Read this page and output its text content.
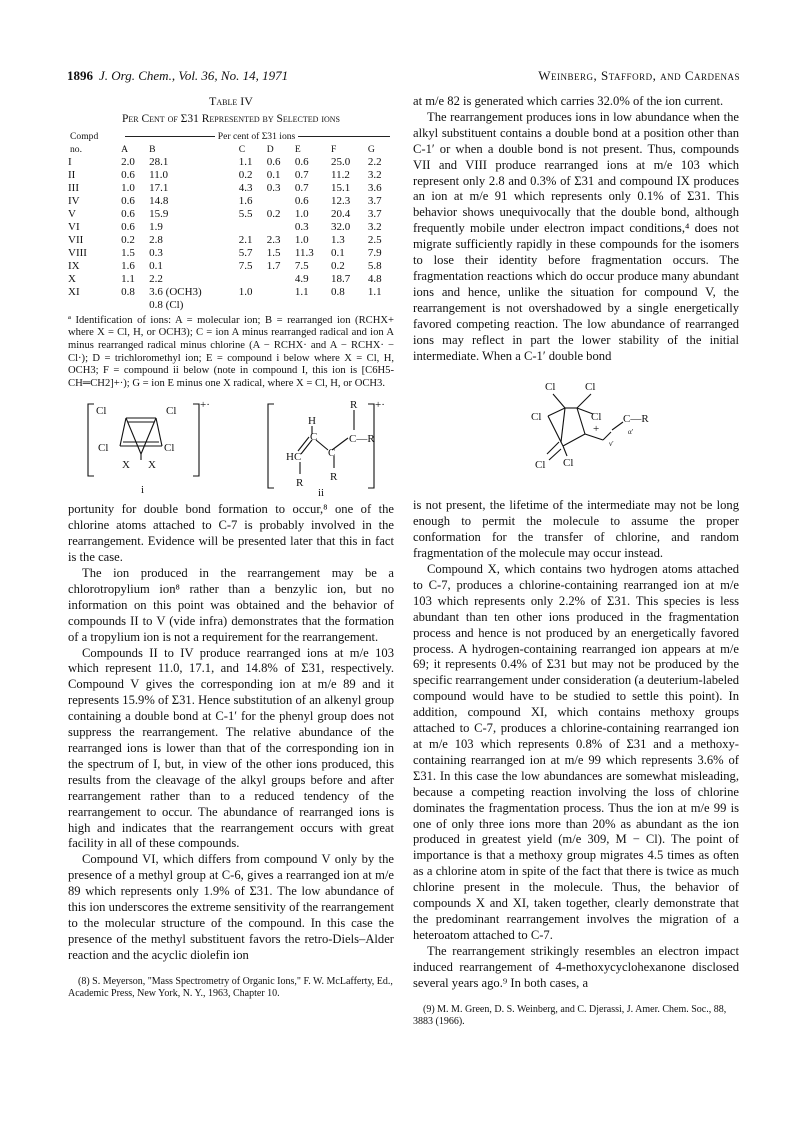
1896 J. Org. Chem., Vol. 36, No. 14, 1971	Weinberg, Stafford, and Cardenas
Table IV
Per Cent of Σ31 Represented by Selected ions
Compd	Per cent of Σ31 ions						
no.	A	B	C	D	E	F	G
I	2.0	28.1	1.1	0.6	0.6	25.0	2.2
II	0.6	11.0	0.2	0.1	0.7	11.2	3.2
III	1.0	17.1	4.3	0.3	0.7	15.1	3.6
IV	0.6	14.8	1.6		0.6	12.3	3.7
V	0.6	15.9	5.5	0.2	1.0	20.4	3.7
VI	0.6	1.9			0.3	32.0	3.2
VII	0.2	2.8	2.1	2.3	1.0	1.3	2.5
VIII	1.5	0.3	5.7	1.5	11.3	0.1	7.9
IX	1.6	0.1	7.5	1.7	7.5	0.2	5.8
X	1.1	2.2			4.9	18.7	4.8
XI	0.8	3.6 (OCH3)	1.0		1.1	0.8	1.1
		0.8 (Cl)					
ª Identification of ions: A = molecular ion; B = rearranged ion (RCHX+ where X = Cl, H, or OCH3); C = ion A minus rearranged radical and ion A minus rearranged radical minus chlorine (A − RCHX· and A − RCHX· − Cl·); D = trichloromethyl ion; E = compound i below where X = Cl, H, OCH3; F = compound ii below (note in compound I, this ion is [C6H5-CH═CH2]+·); G = ion E minus one X radical, where X = Cl, H, or OCH3.
Cl	Cl
Cl	Cl
X X
+·
i
R
C—R
H
C
HC C
R R
+·
ii

portunity for double bond formation to occur,⁸ one of the chlorine atoms attached to C-7 is probably involved in the rearrangement. Evidence will be presented later that this in fact is the case.

The ion produced in the rearrangement may be a chlorotropylium ion⁸ rather than a benzylic ion, but no information on this point was obtained and the behavior of compounds II to V (vide infra) demonstrates that the formation of a tropylium ion is not a requirement for the rearrangement.

Compounds II to IV produce rearranged ions at m/e 103 which represent 11.0, 17.1, and 14.8% of Σ31, respectively. Compound V gives the corresponding ion at m/e 89 and it represents 15.9% of Σ31. Hence substitution of an alkenyl group containing a double bond at C-1′ for the phenyl group does not suppress the rearrangement. The relative abundance of the rearranged ions is lower than that of the corresponding ion in the spectrum of I, but, in view of the other ions produced, this results from the cleavage of the alkyl groups before and after rearrangement rather than to a reduced tendency of the rearrangement to occur. The abundance of rearranged ions is high and indicates that the rearrangement occurs with great facility in all of these compounds.

Compound VI, which differs from compound V only by the presence of a methyl group at C-6, gives a rearranged ion at m/e 89 which represents only 1.9% of Σ31. The low abundance of this ion underscores the extreme sensitivity of the rearrangement to the molecular structure of the compound. In this case the presence of the methyl substituent favors the retro-Diels–Alder reaction and the acyclic diolefin ion

(8) S. Meyerson, "Mass Spectrometry of Organic Ions," F. W. McLafferty, Ed., Academic Press, New York, N. Y., 1963, Chapter 10.

at m/e 82 is generated which carries 32.0% of the ion current.

The rearrangement produces ions in low abundance when the alkyl substituent contains a double bond at a position other than C-1′ or when a double bond is not present. Thus, compounds VII and VIII produce rearranged ions at m/e 103 which represent only 2.8 and 0.3% of Σ31 and compound IX produces an ion at m/e 91 which represents only 0.1% of Σ31. This behavior shows unequivocally that the double bond, although frequently mobile under electron impact conditions,⁴ does not migrate sufficiently rapidly in these compounds for the isomers to lose their identity before fragmentation occurs. The fragmentation reactions which do occur produce many abundant ions and hence, unlike the situation for compound V, the rearrangement is not overshadowed by a single energetically favored competing reaction. The low abundance of rearranged ions may reflect in part the lower stability of the initial intermediate. When a C-1′ double bond

Cl	Cl
Cl	Cl
Cl Cl
+
C—R
ν′
α′

is not present, the lifetime of the intermediate may not be long enough to permit the molecule to assume the proper conformation for the transfer of chlorine, and random fragmentation of the molecule may occur instead.

Compound X, which contains two hydrogen atoms attached to C-7, produces a chlorine-containing rearranged ion at m/e 103 which represents only 2.2% of Σ31. This species is less abundant than ten other ions produced in the fragmentation process and hence is not produced by an energetically favored process. A hydrogen-containing rearranged ion appears at m/e 69; it represents 0.4% of Σ31 but may not be produced by the specific rearrangement under consideration (a deuterium-labeled compound would have to be studied to settle this point). In addition, compound XI, which contains methoxy groups attached to C-7, produces a chlorine-containing rearranged ion at m/e 103 which represents 0.8% of Σ31 and a methoxy-containing rearranged ion at m/e 99 which represents 3.6% of Σ31. In this case the low abundances are somewhat misleading, because a competing reaction involving the loss of chlorine dominates the fragmentation process. Thus the ion at m/e 99 is one of only three ions more than 20% as abundant as the ion produced in greatest yield (m/e 309, M − Cl). The point of importance is that a methoxy group migrates 4.5 times as often as a chlorine atom in spite of the fact that there is twice as much chlorine present in the molecule. Thus, the behavior of compounds X and XI, taken together, clearly demonstrate that the predominant rearrangement involves the migration of a heteroatom attached to C-7.

The rearrangement strikingly resembles an electron impact induced rearrangement of 4-methoxycyclohexanone disclosed several years ago.⁹ In both cases, a

(9) M. M. Green, D. S. Weinberg, and C. Djerassi, J. Amer. Chem. Soc., 88, 3883 (1966).
